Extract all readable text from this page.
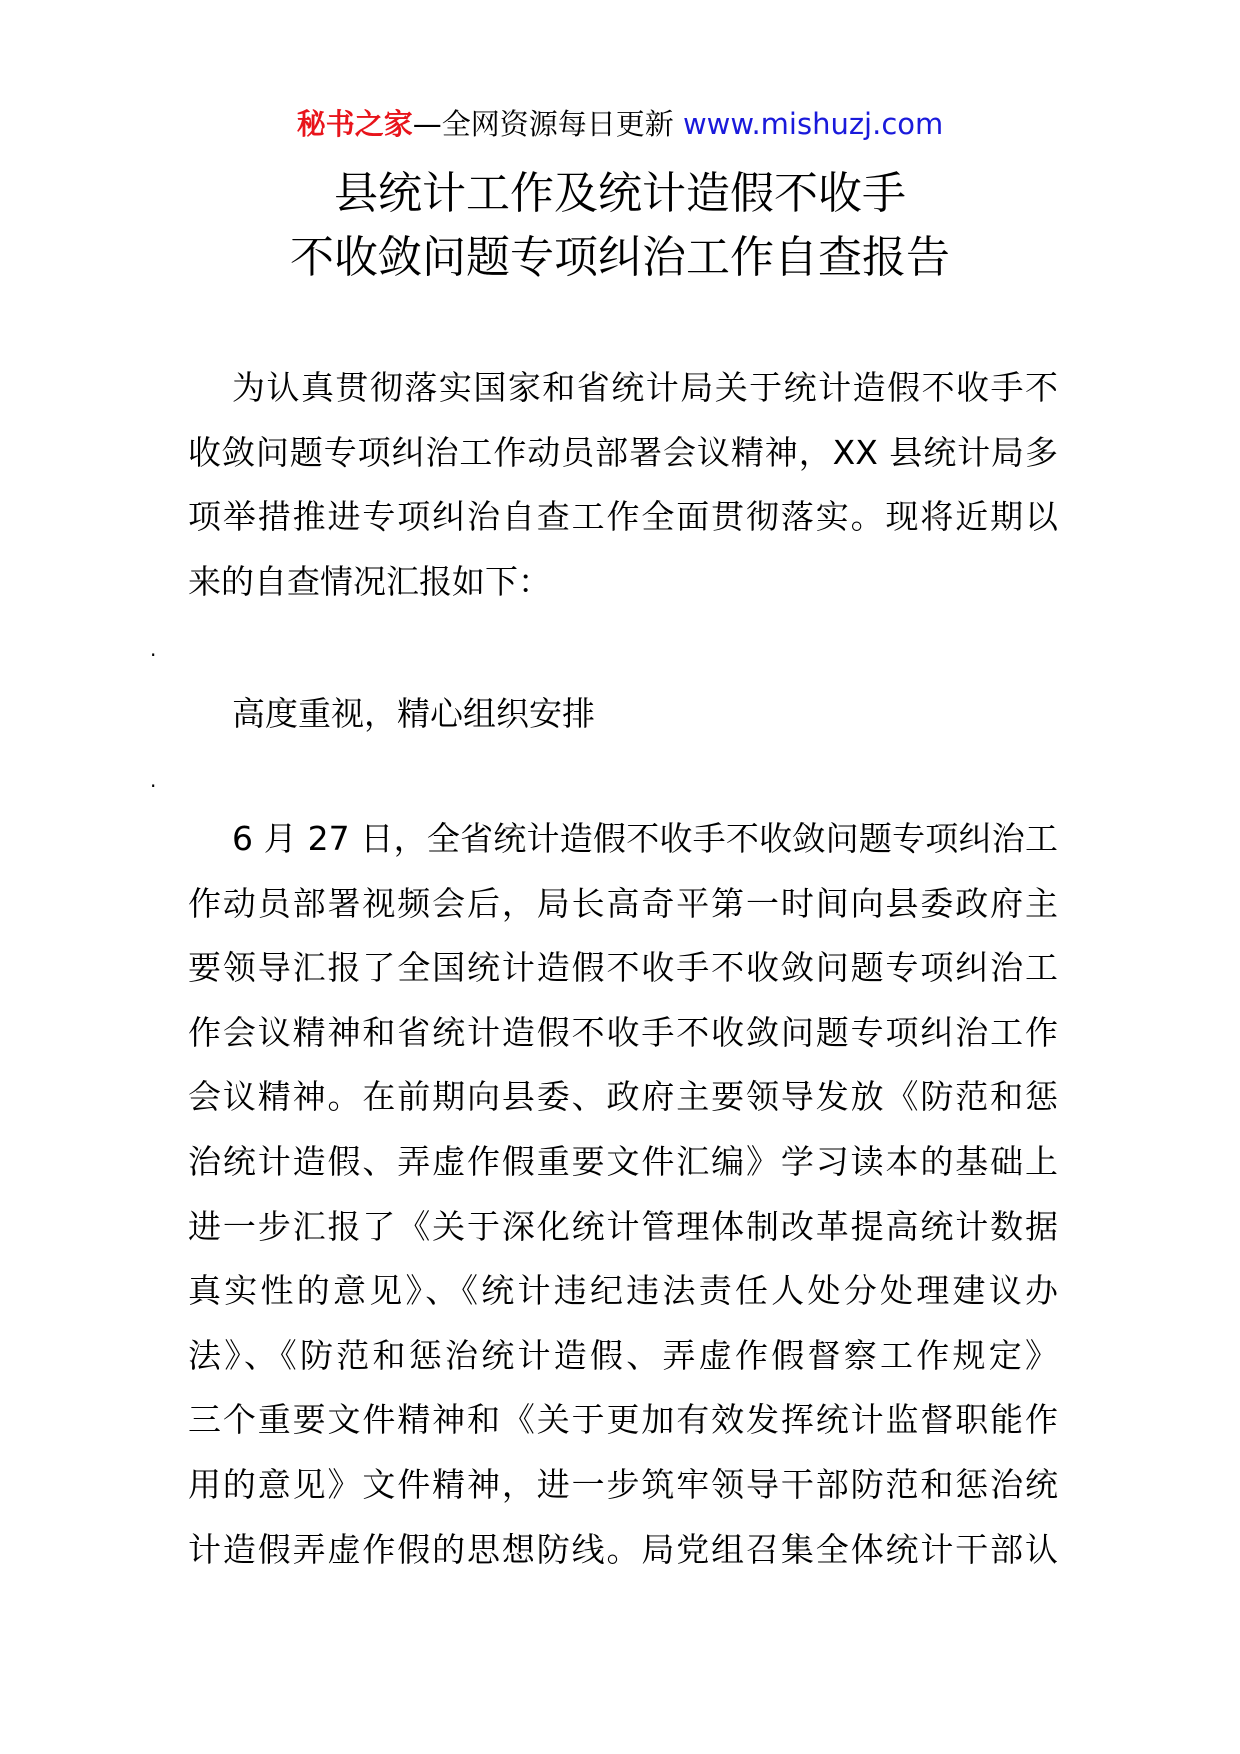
秘书之家—全网资源每日更新 www.mishuzj.com
县统计工作及统计造假不收手
不收敛问题专项纠治工作自查报告
为认真贯彻落实国家和省统计局关于统计造假不收手不
收敛问题专项纠治工作动员部署会议精神，XX 县统计局多
项举措推进专项纠治自查工作全面贯彻落实。现将近期以
来的自查情况汇报如下：
·
高度重视，精心组织安排
·
6 月 27 日，全省统计造假不收手不收敛问题专项纠治工
作动员部署视频会后，局长高奇平第一时间向县委政府主
要领导汇报了全国统计造假不收手不收敛问题专项纠治工
作会议精神和省统计造假不收手不收敛问题专项纠治工作
会议精神。在前期向县委、政府主要领导发放《防范和惩
治统计造假、弄虚作假重要文件汇编》学习读本的基础上
进一步汇报了《关于深化统计管理体制改革提高统计数据
真实性的意见》、《统计违纪违法责任人处分处理建议办
法》、《防范和惩治统计造假、弄虚作假督察工作规定》
三个重要文件精神和《关于更加有效发挥统计监督职能作
用的意见》文件精神，进一步筑牢领导干部防范和惩治统
计造假弄虚作假的思想防线。局党组召集全体统计干部认
